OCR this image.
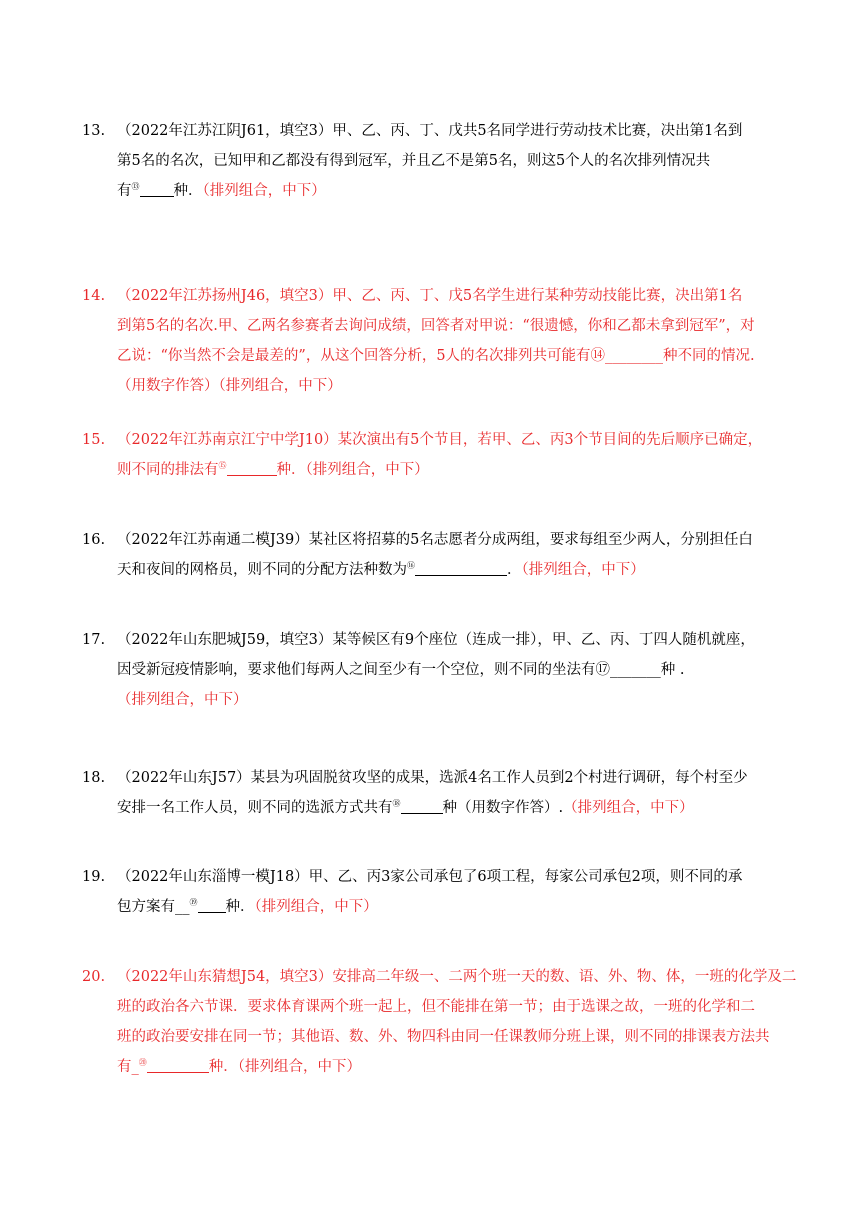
13. （2022年江苏江阴J61，填空3）甲、乙、丙、丁、戊共5名同学进行劳动技术比赛，决出第1名到
第5名的名次，已知甲和乙都没有得到冠军，并且乙不是第5名，则这5个人的名次排列情况共
有⑬ 种．（排列组合，中下）
14. （2022年江苏扬州J46，填空3）甲、乙、丙、丁、戊5名学生进行某种劳动技能比赛，决出第1名
到第5名的名次.甲、乙两名参赛者去询问成绩，回答者对甲说：“很遗憾，你和乙都未拿到冠军”，对
乙说：“你当然不会是最差的”，从这个回答分析，5人的名次排列共可能有⑭________种不同的情况.
（用数字作答）（排列组合，中下）
15. （2022年江苏南京江宁中学J10）某次演出有5个节目，若甲、乙、丙3个节目间的先后顺序已确定，
则不同的排法有⑮	种．（排列组合，中下）
16. （2022年江苏南通二模J39）某社区将招募的5名志愿者分成两组，要求每组至少两人，分别担任白
天和夜间的网格员，则不同的分配方法种数为⑯	．（排列组合，中下）
17. （2022年山东肥城J59，填空3）某等候区有9个座位（连成一排），甲、乙、丙、丁四人随机就座，
因受新冠疫情影响，要求他们每两人之间至少有一个空位，则不同的坐法有⑰_______种 .
（排列组合，中下）
18. （2022年山东J57）某县为巩固脱贫攻坚的成果，选派4名工作人员到2个村进行调研，每个村至少
安排一名工作人员，则不同的选派方式共有⑱	种（用数字作答）.（排列组合，中下）
19. （2022年山东淄博一模J18）甲、乙、丙3家公司承包了6项工程，每家公司承包2项，则不同的承
包方案有__⑲ 种．（排列组合，中下）
20. （2022年山东猜想J54，填空3）安排高二年级一、二两个班一天的数、语、外、物、体，一班的化学及二
班的政治各六节课．要求体育课两个班一起上，但不能排在第一节；由于选课之故，一班的化学和二
班的政治要安排在同一节；其他语、数、外、物四科由同一任课教师分班上课，则不同的排课表方法共
有_⑳	种．（排列组合，中下）
